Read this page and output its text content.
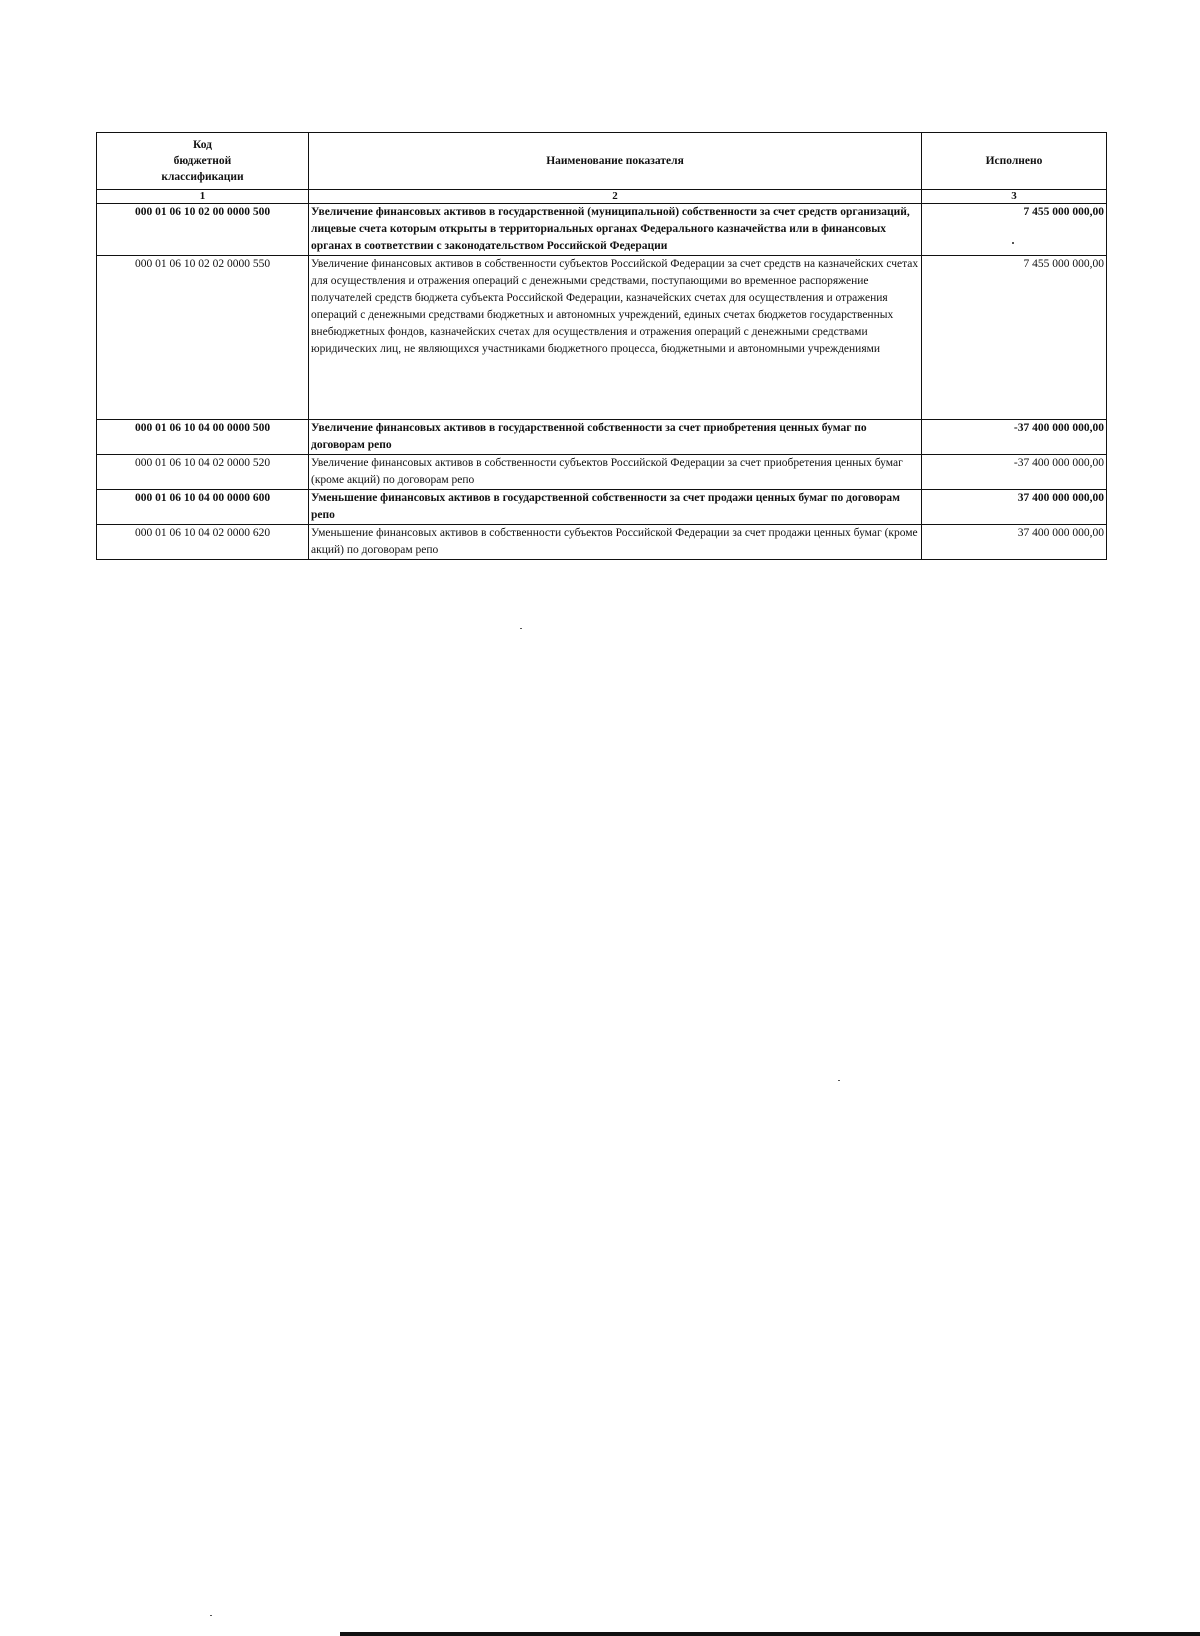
Код
бюджетной
классификации	Наименование показателя	Исполнено
1	2	3
000 01 06 10 02 00 0000 500	Увеличение финансовых активов в государственной (муниципальной) собственности за счет средств организаций, лицевые счета которым открыты в территориальных органах Федерального казначейства или в финансовых органах в соответствии с законодательством Российской Федерации	7 455 000 000,00
000 01 06 10 02 02 0000 550	Увеличение финансовых активов в собственности субъектов Российской Федерации за счет средств на казначейских счетах для осуществления и отражения операций с денежными средствами, поступающими во временное распоряжение получателей средств бюджета субъекта Российской Федерации, казначейских счетах для осуществления и отражения операций с денежными средствами бюджетных и автономных учреждений, единых счетах бюджетов государственных внебюджетных фондов, казначейских счетах для осуществления и отражения операций с денежными средствами юридических лиц, не являющихся участниками бюджетного процесса, бюджетными и автономными учреждениями	7 455 000 000,00
000 01 06 10 04 00 0000 500	Увеличение финансовых активов в государственной собственности за счет приобретения ценных бумаг по договорам репо	-37 400 000 000,00
000 01 06 10 04 02 0000 520	Увеличение финансовых активов в собственности субъектов Российской Федерации за счет приобретения ценных бумаг (кроме акций) по договорам репо	-37 400 000 000,00
000 01 06 10 04 00 0000 600	Уменьшение финансовых активов в государственной собственности за счет продажи ценных бумаг по договорам репо	37 400 000 000,00
000 01 06 10 04 02 0000 620	Уменьшение финансовых активов в собственности субъектов Российской Федерации за счет продажи ценных бумаг (кроме акций) по договорам репо	37 400 000 000,00
